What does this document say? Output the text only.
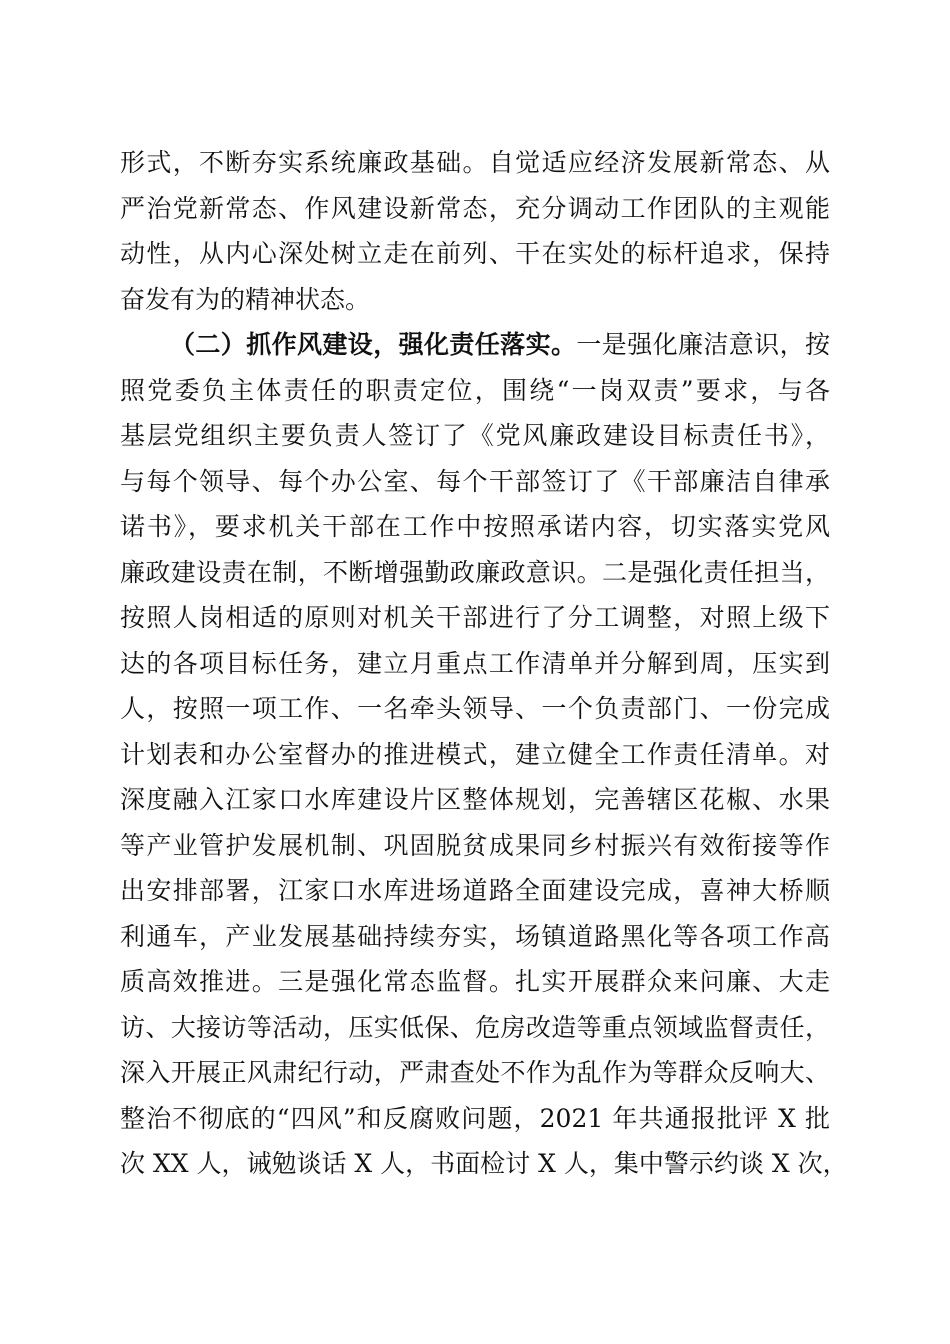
形式，不断夯实系统廉政基础。自觉适应经济发展新常态、从
严治党新常态、作风建设新常态，充分调动工作团队的主观能
动性，从内心深处树立走在前列、干在实处的标杆追求，保持
奋发有为的精神状态。
（二）抓作风建设，强化责任落实。一是强化廉洁意识，按
照党委负主体责任的职责定位，围绕“一岗双责”要求，与各
基层党组织主要负责人签订了《党风廉政建设目标责任书》，
与每个领导、每个办公室、每个干部签订了《干部廉洁自律承
诺书》，要求机关干部在工作中按照承诺内容，切实落实党风
廉政建设责在制，不断增强勤政廉政意识。二是强化责任担当，
按照人岗相适的原则对机关干部进行了分工调整，对照上级下
达的各项目标任务，建立月重点工作清单并分解到周，压实到
人，按照一项工作、一名牵头领导、一个负责部门、一份完成
计划表和办公室督办的推进模式，建立健全工作责任清单。对
深度融入江家口水库建设片区整体规划，完善辖区花椒、水果
等产业管护发展机制、巩固脱贫成果同乡村振兴有效衔接等作
出安排部署，江家口水库进场道路全面建设完成，喜神大桥顺
利通车，产业发展基础持续夯实，场镇道路黑化等各项工作高
质高效推进。三是强化常态监督。扎实开展群众来问廉、大走
访、大接访等活动，压实低保、危房改造等重点领域监督责任，
深入开展正风肃纪行动，严肃查处不作为乱作为等群众反响大、
整治不彻底的“四风”和反腐败问题，2021 年共通报批评 X 批
次 XX 人，诫勉谈话 X 人，书面检讨 X 人，集中警示约谈 X 次，
